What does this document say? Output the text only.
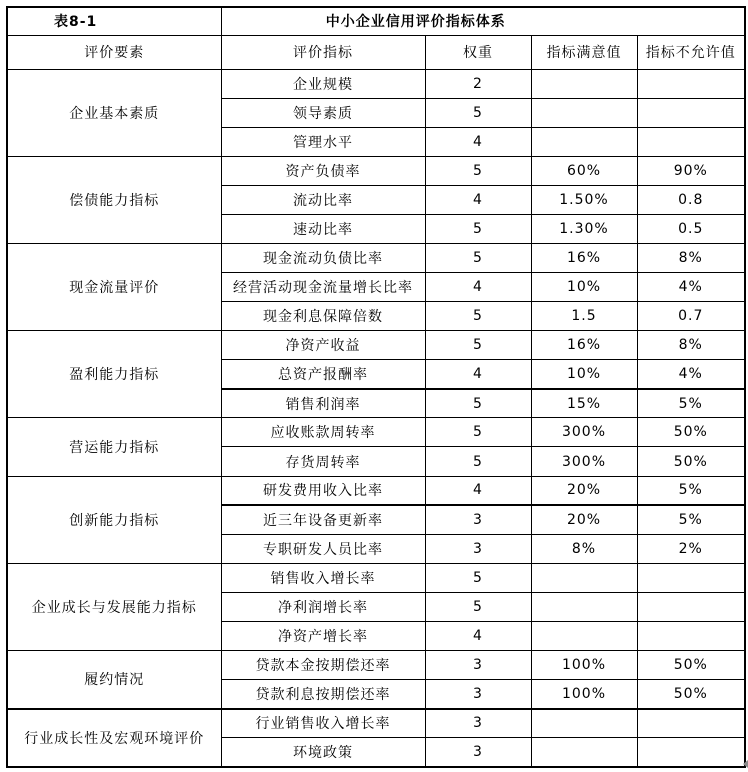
表8-1	中小企业信用评价指标体系			
评价要素	评价指标	权重	指标满意值	指标不允许值
企业基本素质	企业规模	2		
	领导素质	5		
	管理水平	4		
偿债能力指标	资产负债率	5	60%	90%
	流动比率	4	1.50%	0.8
	速动比率	5	1.30%	0.5
现金流量评价	现金流动负债比率	5	16%	8%
	经营活动现金流量增长比率	4	10%	4%
	现金利息保障倍数	5	1.5	0.7
盈利能力指标	净资产收益	5	16%	8%
	总资产报酬率	4	10%	4%
	销售利润率	5	15%	5%
营运能力指标	应收账款周转率	5	300%	50%
	存货周转率	5	300%	50%
创新能力指标	研发费用收入比率	4	20%	5%
	近三年设备更新率	3	20%	5%
	专职研发人员比率	3	8%	2%
企业成长与发展能力指标	销售收入增长率	5		
	净利润增长率	5		
	净资产增长率	4		
履约情况	贷款本金按期偿还率	3	100%	50%
	贷款利息按期偿还率	3	100%	50%
行业成长性及宏观环境评价	行业销售收入增长率	3		
	环境政策	3		
